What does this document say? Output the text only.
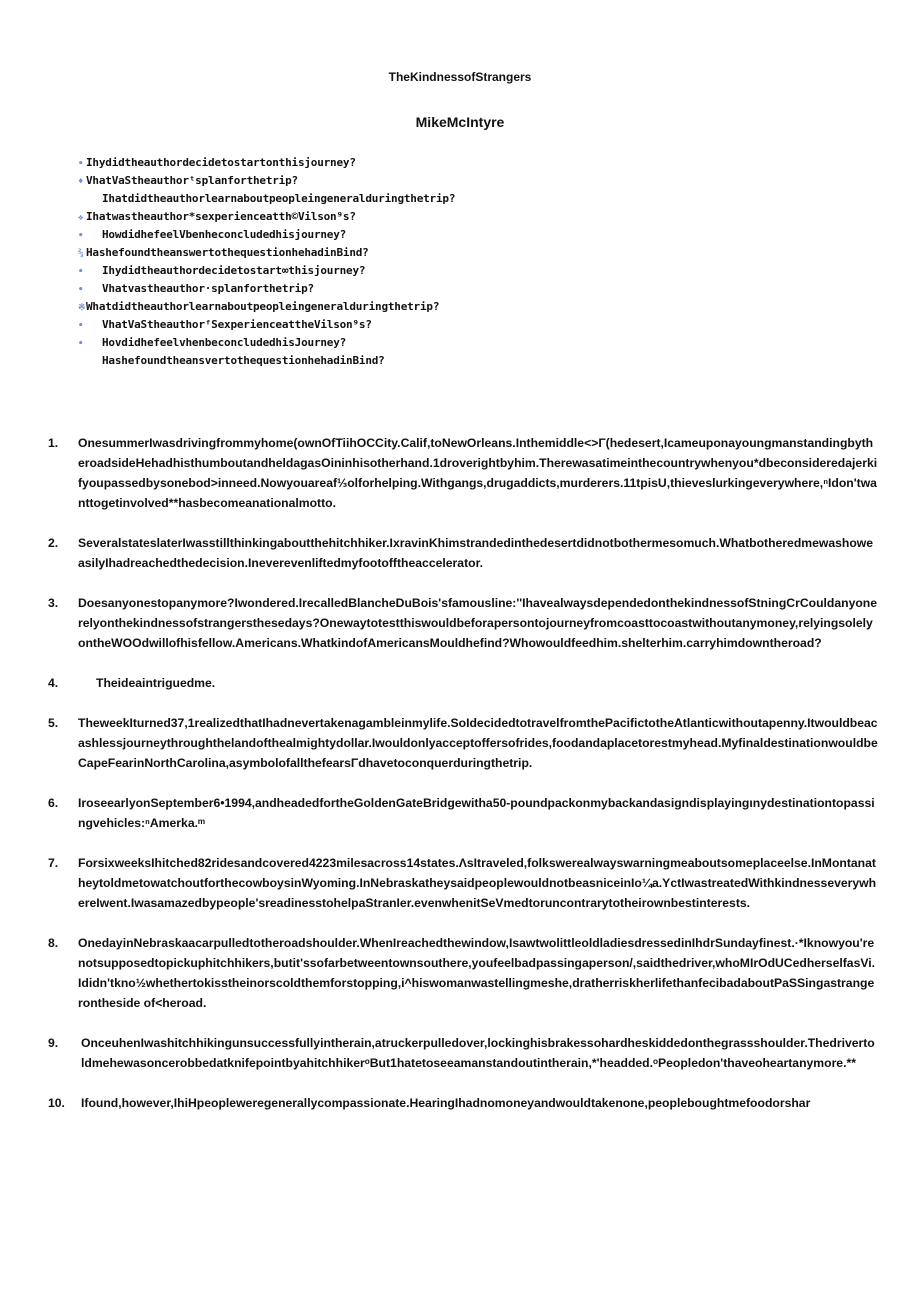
TheKindnessofStrangers
MikeMcIntyre
• Ihydidtheauthordecidetostartonthisjourney?
♦ VhatVaStheauthorᵗsplanforthetrip?
Ihatdidtheauthorlearnaboutpeopleingeneralduringthetrip?
❖ Ihatwastheauthor*sexperienceatth©Vilson⁹s?
• HowdidhefeelVbenheconcludedhisjourney?
⅔ HashefoundtheanswertothequestionhehadinBind?
• Ihydidtheauthordecidetostart∞thisjourney?
• Vhatvastheauthor·splanforthetrip?
※Whatdidtheauthorlearnaboutpeopleingeneralduringthetrip?
• VhatVaStheauthorᶠSexperienceattheVilson⁹s?
• HovdidhefeelvhenbeconcludedhisJourney?
HashefoundtheansvertothequestionhehadinBind?
1.	OnesummerIwasdrivingfrommyhome(ownOfTiihOCCity.Calif,toNewOrleans.Inthemiddle<>Γ(hedesert,IcameuponayoungmanstandingbytheroadsideHehadhisthumboutandheldagasOininhisotherhand.1droverightbyhim.Therewasatimeinthecountrywhenyou*dbeconsideredajerkifyoupassedbysonebod>inneed.Nowyouareaf⅓olforhelping.Withgangs,drugaddicts,murderers.11tpisU,thieveslurkingeverywhere,ⁿIdon'twanttogetinvolved**hasbecomeanationalmotto.
2.	SeveralstateslaterIwasstillthinkingaboutthehitchhiker.IxravinKhimstrandedinthedesertdidnotbothermesomuch.WhatbotheredmewashoweasilyIhadreachedthedecision.Ineverevenliftedmyfootofftheaccelerator.
3.	Doesanyonestopanymore?Iwondered.IrecalledBlancheDuBois'sfamousline:''IhavealwaysdependedonthekindnessofStningCrCouldanyonerelyonthekindnessofstrangersthesedays?Onewaytotestthiswouldbeforapersontojourneyfromcoasttocoastwithoutanymoney,relyingsolelyontheWOOdwillofhisfellow.Americans.WhatkindofAmericansMouldhefind?Whowouldfeedhim.shelterhim.carryhimdowntheroad?
4.	Theideaintriguedme.
5.	TheweekIturned37,1realizedthatIhadnevertakenagambleinmylife.SoIdecidedtotravelfromthePacifictotheAtlanticwithoutapenny.Itwouldbeacashlessjourneythroughthelandofthealmightydollar.Iwouldonlyacceptoffersofrides,foodandaplacetorestmyhead.MyfinaldestinationwouldbeCapeFearinNorthCarolina,asymbolofallthefearsΓdhavetoconquerduringthetrip.
6.	IroseearlyonSeptember6•1994,andheadedfortheGoldenGateBridgewitha50-poundpackonmybackandasigndisplayingιnydestinationtopassingvehicles:ⁿAmerka.ᵐ
7.	ForsixweeksIhitched82ridesandcovered4223milesacross14states.ΛsItraveled,folkswerealwayswarningmeaboutsomeplaceelse.InMontanatheytoldmetowatchoutforthecowboysinWyoming.InNebraskatheysaidpeoplewouldnotbeasniceinIo¼a.YctIwastreatedWithkindnesseverywhereIwent.Iwasamazedbypeople'sreadinesstohelpaStranIer.evenwhenitSeVmedtoruncontrarytotheirownbestinterests.
8.	OnedayinNebraskaacarpulledtotheroadshoulder.WhenIreachedthewindow,IsawtwolittleoldladiesdressedinIhdrSundayfinest.·*Iknowyou'renotsupposedtopickuphitchhikers,butit'ssofarbetweentownsouthere,youfeelbadpassingaperson/,saidthedriver,whoMIrOdUCedherselfasVi.Ididn'tkno½whethertokisstheinorscoldthemforstopping,i^hiswomanwastellingmeshe,dratherriskherlifethanfecibadaboutPaSSingastrangerontheside of<heroad.
9.	OnceuhenIwashitchhikingunsuccessfullyintherain,atruckerpulledover,lockinghisbrakessohardheskiddedonthegrassshoulder.ThedrivertoldmehewasoncerobbedatknifepointbyahitchhikerᵒBut1hatetoseeamanstandoutintherain,*'headded.ᵒPeopledon'thaveoheartanymore.**
10.	Ifound,however,IhiHpeopleweregenerallycompassionate.HearingIhadnomoneyandwouldtakenone,peopleboughtmefoodorshar
